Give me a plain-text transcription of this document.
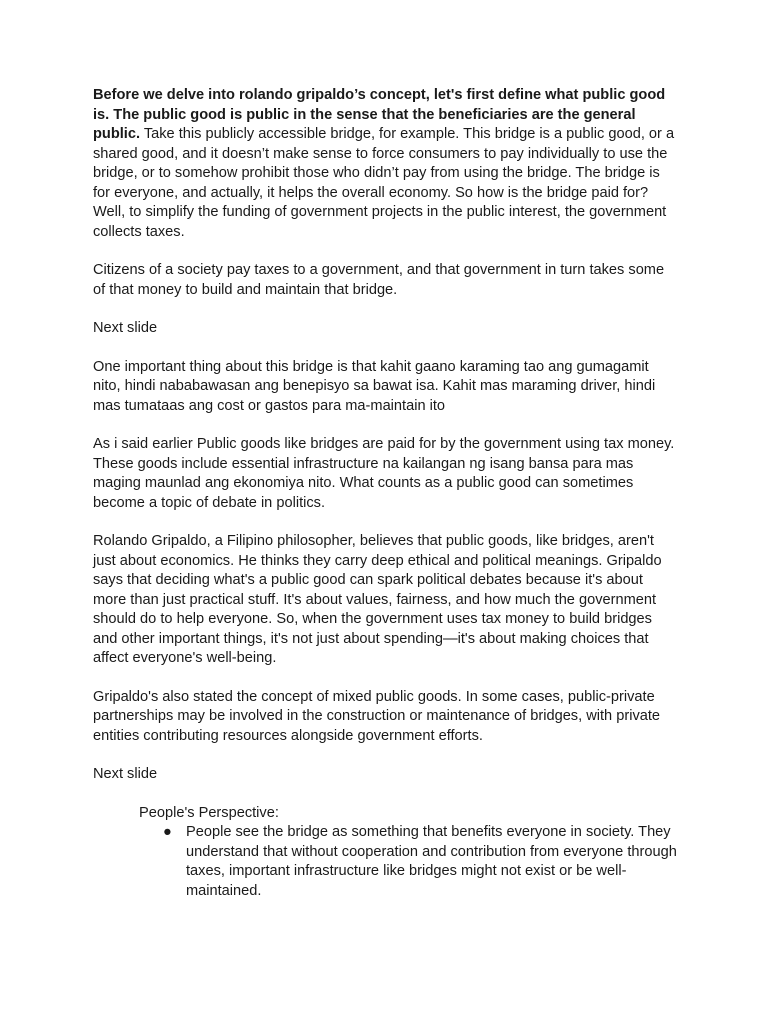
Before we delve into rolando gripaldo’s concept, let's first define what public good is. The public good is public in the sense that the beneficiaries are the general public. Take this publicly accessible bridge, for example. This bridge is a public good, or a shared good, and it doesn’t make sense to force consumers to pay individually to use the bridge, or to somehow prohibit those who didn’t pay from using the bridge. The bridge is for everyone, and actually, it helps the overall economy. So how is the bridge paid for? Well, to simplify the funding of government projects in the public interest, the government collects taxes.

Citizens of a society pay taxes to a government, and that government in turn takes some of that money to build and maintain that bridge.

Next slide

One important thing about this bridge is that kahit gaano karaming tao ang gumagamit nito, hindi nababawasan ang benepisyo sa bawat isa. Kahit mas maraming driver, hindi mas tumataas ang cost or gastos para ma-maintain ito

As i said earlier Public goods like bridges are paid for by the government using tax money. These goods include essential infrastructure na kailangan ng isang bansa para mas maging maunlad ang ekonomiya nito. What counts as a public good can sometimes become a topic of debate in politics.

Rolando Gripaldo, a Filipino philosopher, believes that public goods, like bridges, aren't just about economics. He thinks they carry deep ethical and political meanings. Gripaldo says that deciding what's a public good can spark political debates because it's about more than just practical stuff. It's about values, fairness, and how much the government should do to help everyone. So, when the government uses tax money to build bridges and other important things, it's not just about spending—it's about making choices that affect everyone's well-being.

Gripaldo's also stated the concept of mixed public goods. In some cases, public-private partnerships may be involved in the construction or maintenance of bridges, with private entities contributing resources alongside government efforts.

Next slide

People's Perspective:

● People see the bridge as something that benefits everyone in society. They understand that without cooperation and contribution from everyone through taxes, important infrastructure like bridges might not exist or be well-maintained.
